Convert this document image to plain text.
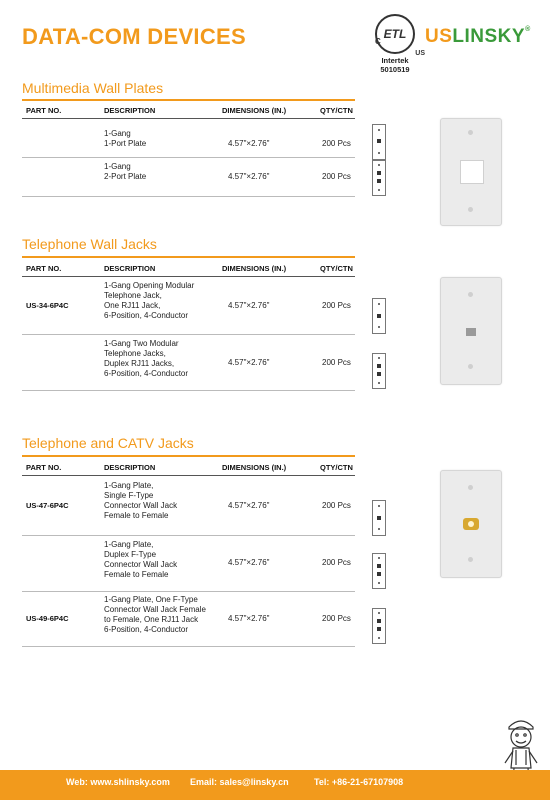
DATA-COM DEVICES	C
ETL
US
Intertek
5010519
USLINSKY®
Multimedia Wall Plates
PART NO.	DESCRIPTION	DIMENSIONS (IN.)	QTY/CTN
1-Gang
1-Port Plate	4.57"×2.76"	200 Pcs
1-Gang
2-Port Plate	4.57"×2.76"	200 Pcs
Telephone Wall Jacks
PART NO.	DESCRIPTION	DIMENSIONS (IN.)	QTY/CTN
US-34-6P4C
1-Gang Opening Modular
Telephone Jack,
One RJ11 Jack,
6-Position, 4-Conductor
4.57"×2.76"	200 Pcs
1-Gang Two Modular
Telephone Jacks,
Duplex RJ11 Jacks,
6-Position, 4-Conductor
4.57"×2.76"	200 Pcs
Telephone and CATV Jacks
PART NO.	DESCRIPTION	DIMENSIONS (IN.)	QTY/CTN
US-47-6P4C
1-Gang Plate,
Single F-Type
Connector Wall Jack
Female to Female
4.57"×2.76"	200 Pcs
1-Gang Plate,
Duplex F-Type
Connector Wall Jack
Female to Female
4.57"×2.76"	200 Pcs
US-49-6P4C
1-Gang Plate, One F-Type
Connector Wall Jack Female
to Female, One RJ11 Jack
6-Position, 4-Conductor
4.57"×2.76"	200 Pcs
Web: www.shlinsky.com Email: sales@linsky.cn	Tel: +86-21-67107908
